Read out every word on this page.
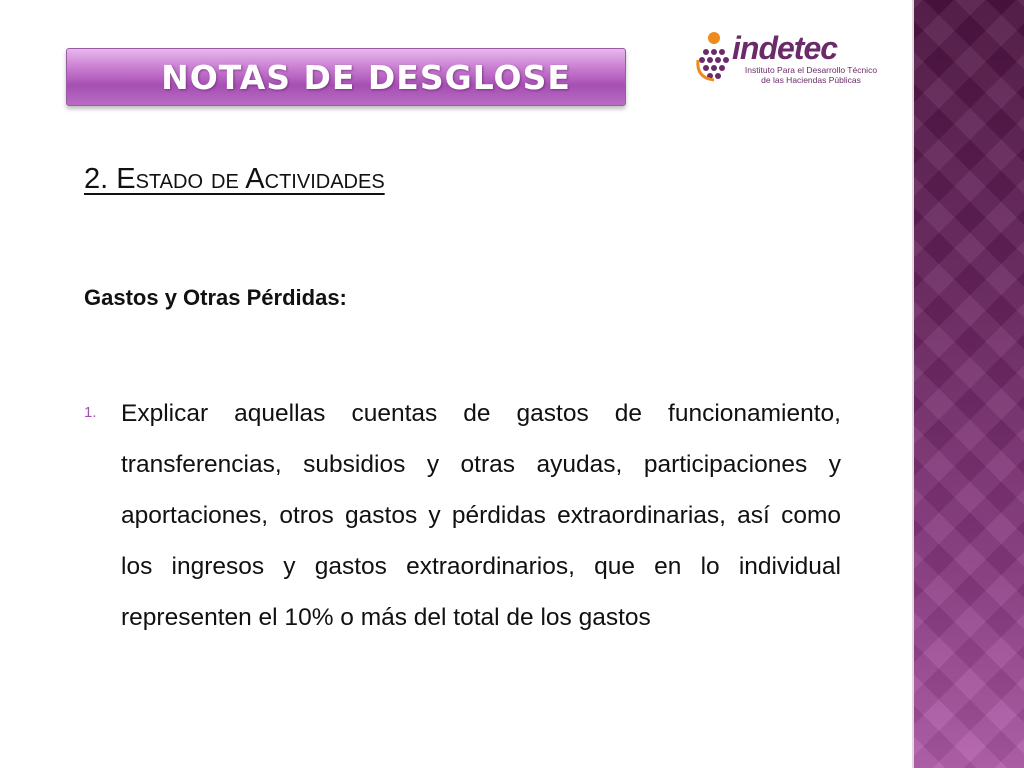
NOTAS DE DESGLOSE
indetec
Instituto Para el Desarrollo Técnico
de las Haciendas Públicas
2. Estado de Actividades
Gastos y Otras Pérdidas:
1. Explicar aquellas cuentas de gastos de funcionamiento, transferencias, subsidios y otras ayudas, participaciones y aportaciones, otros gastos y pérdidas extraordinarias, así como los ingresos y gastos extraordinarios, que en lo individual representen el 10% o más del total de los gastos
